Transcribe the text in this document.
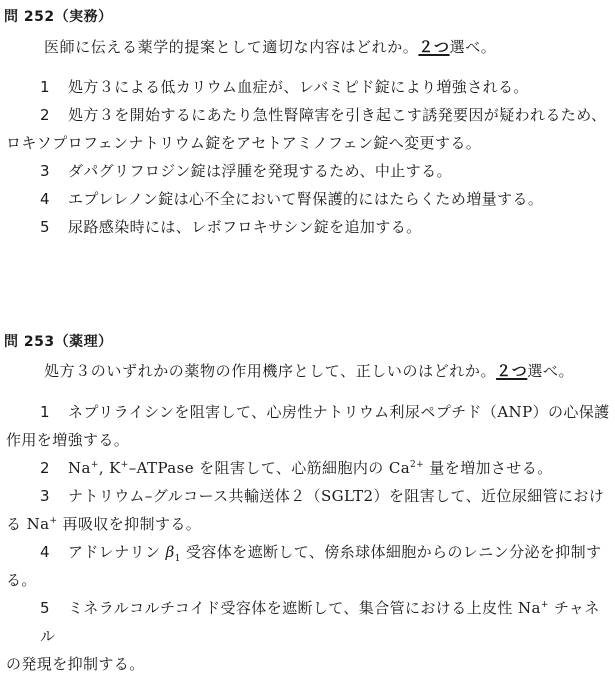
問 252（実務）
医師に伝える薬学的提案として適切な内容はどれか。２つ選べ。
1 処方３による低カリウム血症が、レバミピド錠により増強される。
2 処方３を開始するにあたり急性腎障害を引き起こす誘発要因が疑われるため、
ロキソプロフェンナトリウム錠をアセトアミノフェン錠へ変更する。
3 ダパグリフロジン錠は浮腫を発現するため、中止する。
4 エプレレノン錠は心不全において腎保護的にはたらくため増量する。
5 尿路感染時には、レボフロキサシン錠を追加する。
問 253（薬理）
処方３のいずれかの薬物の作用機序として、正しいのはどれか。２つ選べ。
1 ネプリライシンを阻害して、心房性ナトリウム利尿ペプチド（ANP）の心保護
作用を増強する。
2 Na+, K+–ATPase を阻害して、心筋細胞内の $Ca^{2+}$ 量を増加させる。
3 ナトリウム–グルコース共輸送体２（SGLT2）を阻害して、近位尿細管におけ
る Na+ 再吸収を抑制する。
4 アドレナリン $\beta_1$ 受容体を遮断して、傍糸球体細胞からのレニン分泌を抑制す
る。
5 ミネラルコルチコイド受容体を遮断して、集合管における上皮性 Na+ チャネル
の発現を抑制する。
